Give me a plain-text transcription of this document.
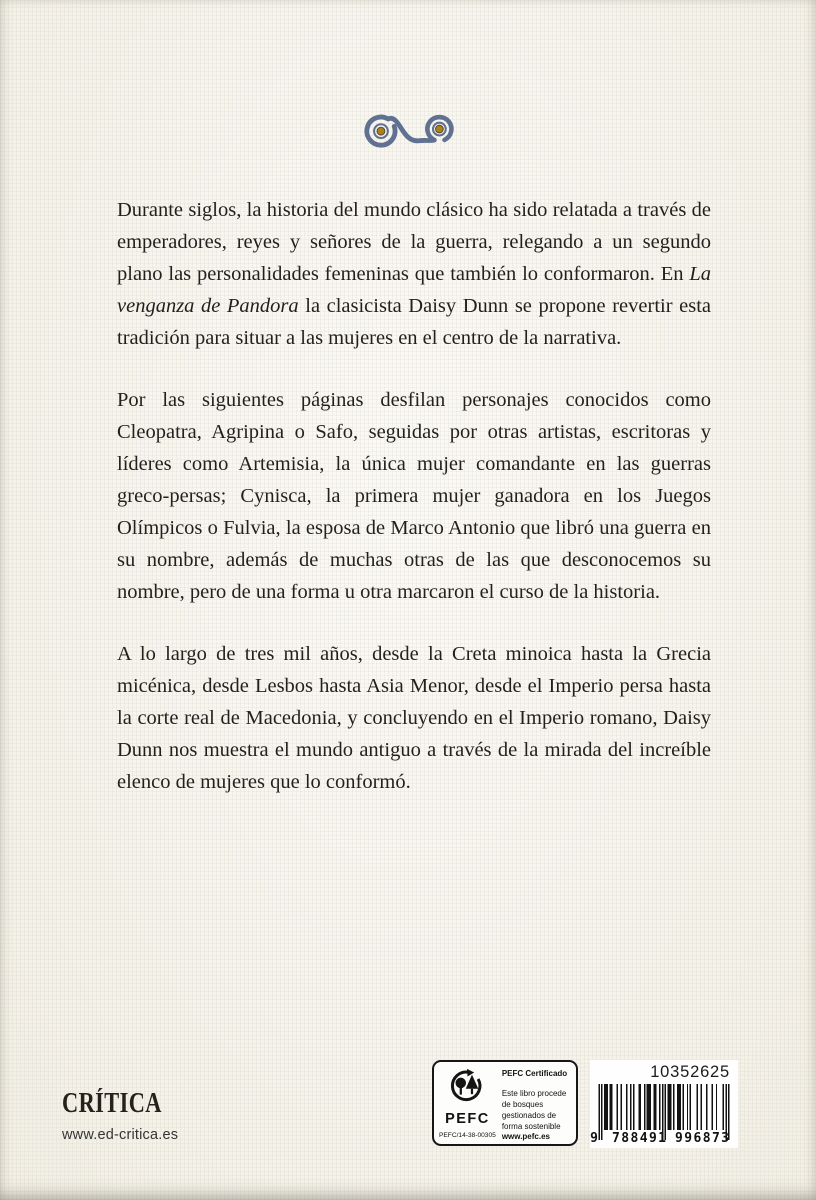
Durante siglos, la historia del mundo clásico ha sido relatada a través de emperadores, reyes y señores de la guerra, relegando a un segundo plano las personalidades femeninas que también lo conformaron. En La venganza de Pandora la clasicista Daisy Dunn se propone revertir esta tradición para situar a las mujeres en el centro de la narrativa.

Por las siguientes páginas desfilan personajes conocidos como Cleopatra, Agripina o Safo, seguidas por otras artistas, escritoras y líderes como Artemisia, la única mujer comandante en las guerras greco-persas; Cynisca, la primera mujer ganadora en los Juegos Olímpicos o Fulvia, la esposa de Marco Antonio que libró una guerra en su nombre, además de muchas otras de las que desconocemos su nombre, pero de una forma u otra marcaron el curso de la historia.

A lo largo de tres mil años, desde la Creta minoica hasta la Grecia micénica, desde Lesbos hasta Asia Menor, desde el Imperio persa hasta la corte real de Macedonia, y concluyendo en el Imperio romano, Daisy Dunn nos muestra el mundo antiguo a través de la mirada del increíble elenco de mujeres que lo conformó.

CRÍTICA
www.ed-critica.es
PEFC
PEFC/14-38-00305
PEFC Certificado
Este libro procede de bosques gestionados de forma sostenible
www.pefc.es
10352625
9 7 8 8 4 9 1 9 9 6 8 7 3
